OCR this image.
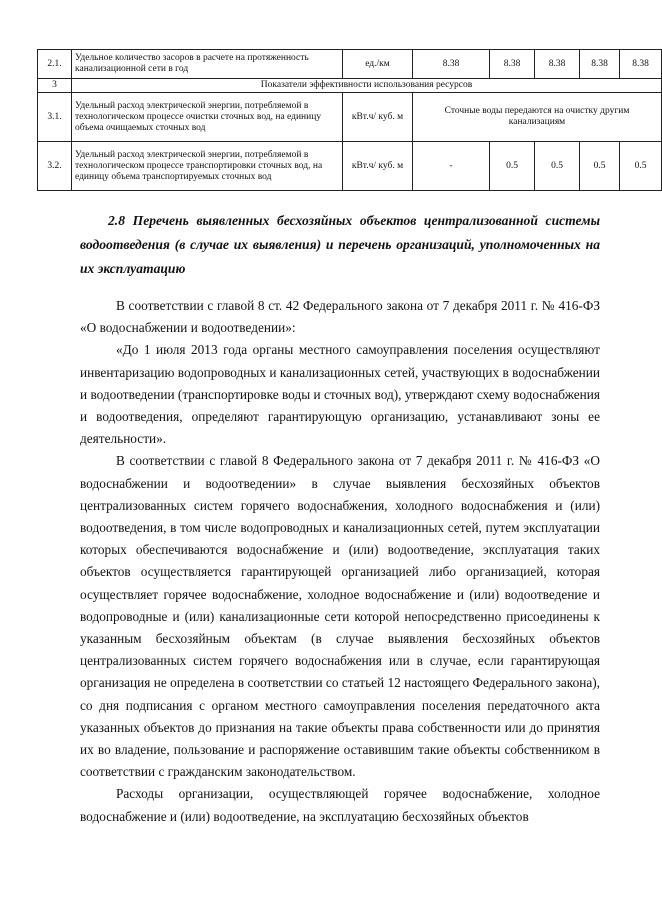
2.1.	Удельное количество засоров в расчете на протяженность канализационной сети в год	ед./км	8.38	8.38	8.38	8.38	8.38
3	Показатели эффективности использования ресурсов						
3.1.	Удельный расход электрической энергии, потребляемой в технологическом процессе очистки сточных вод, на единицу объема очищаемых сточных вод	кВт.ч/ куб. м	Сточные воды передаются на очистку другим канализациям				
3.2.	Удельный расход электрической энергии, потребляемой в технологическом процессе транспортировки сточных вод, на единицу объема транспортируемых сточных вод	кВт.ч/ куб. м	-	0.5	0.5	0.5	0.5
2.8 Перечень выявленных бесхозяйных объектов централизованной системы водоотведения (в случае их выявления) и перечень организаций, уполномоченных на их эксплуатацию

В соответствии с главой 8 ст. 42 Федерального закона от 7 декабря 2011 г. № 416-ФЗ «О водоснабжении и водоотведении»:

«До 1 июля 2013 года органы местного самоуправления поселения осуществляют инвентаризацию водопроводных и канализационных сетей, участвующих в водоснабжении и водоотведении (транспортировке воды и сточных вод), утверждают схему водоснабжения и водоотведения, определяют гарантирующую организацию, устанавливают зоны ее деятельности».

В соответствии с главой 8 Федерального закона от 7 декабря 2011 г. № 416-ФЗ «О водоснабжении и водоотведении» в случае выявления бесхозяйных объектов централизованных систем горячего водоснабжения, холодного водоснабжения и (или) водоотведения, в том числе водопроводных и канализационных сетей, путем эксплуатации которых обеспечиваются водоснабжение и (или) водоотведение, эксплуатация таких объектов осуществляется гарантирующей организацией либо организацией, которая осуществляет горячее водоснабжение, холодное водоснабжение и (или) водоотведение и водопроводные и (или) канализационные сети которой непосредственно присоединены к указанным бесхозяйным объектам (в случае выявления бесхозяйных объектов централизованных систем горячего водоснабжения или в случае, если гарантирующая организация не определена в соответствии со статьей 12 настоящего Федерального закона), со дня подписания с органом местного самоуправления поселения передаточного акта указанных объектов до признания на такие объекты права собственности или до принятия их во владение, пользование и распоряжение оставившим такие объекты собственником в соответствии с гражданским законодательством.

Расходы организации, осуществляющей горячее водоснабжение, холодное водоснабжение и (или) водоотведение, на эксплуатацию бесхозяйных объектов
